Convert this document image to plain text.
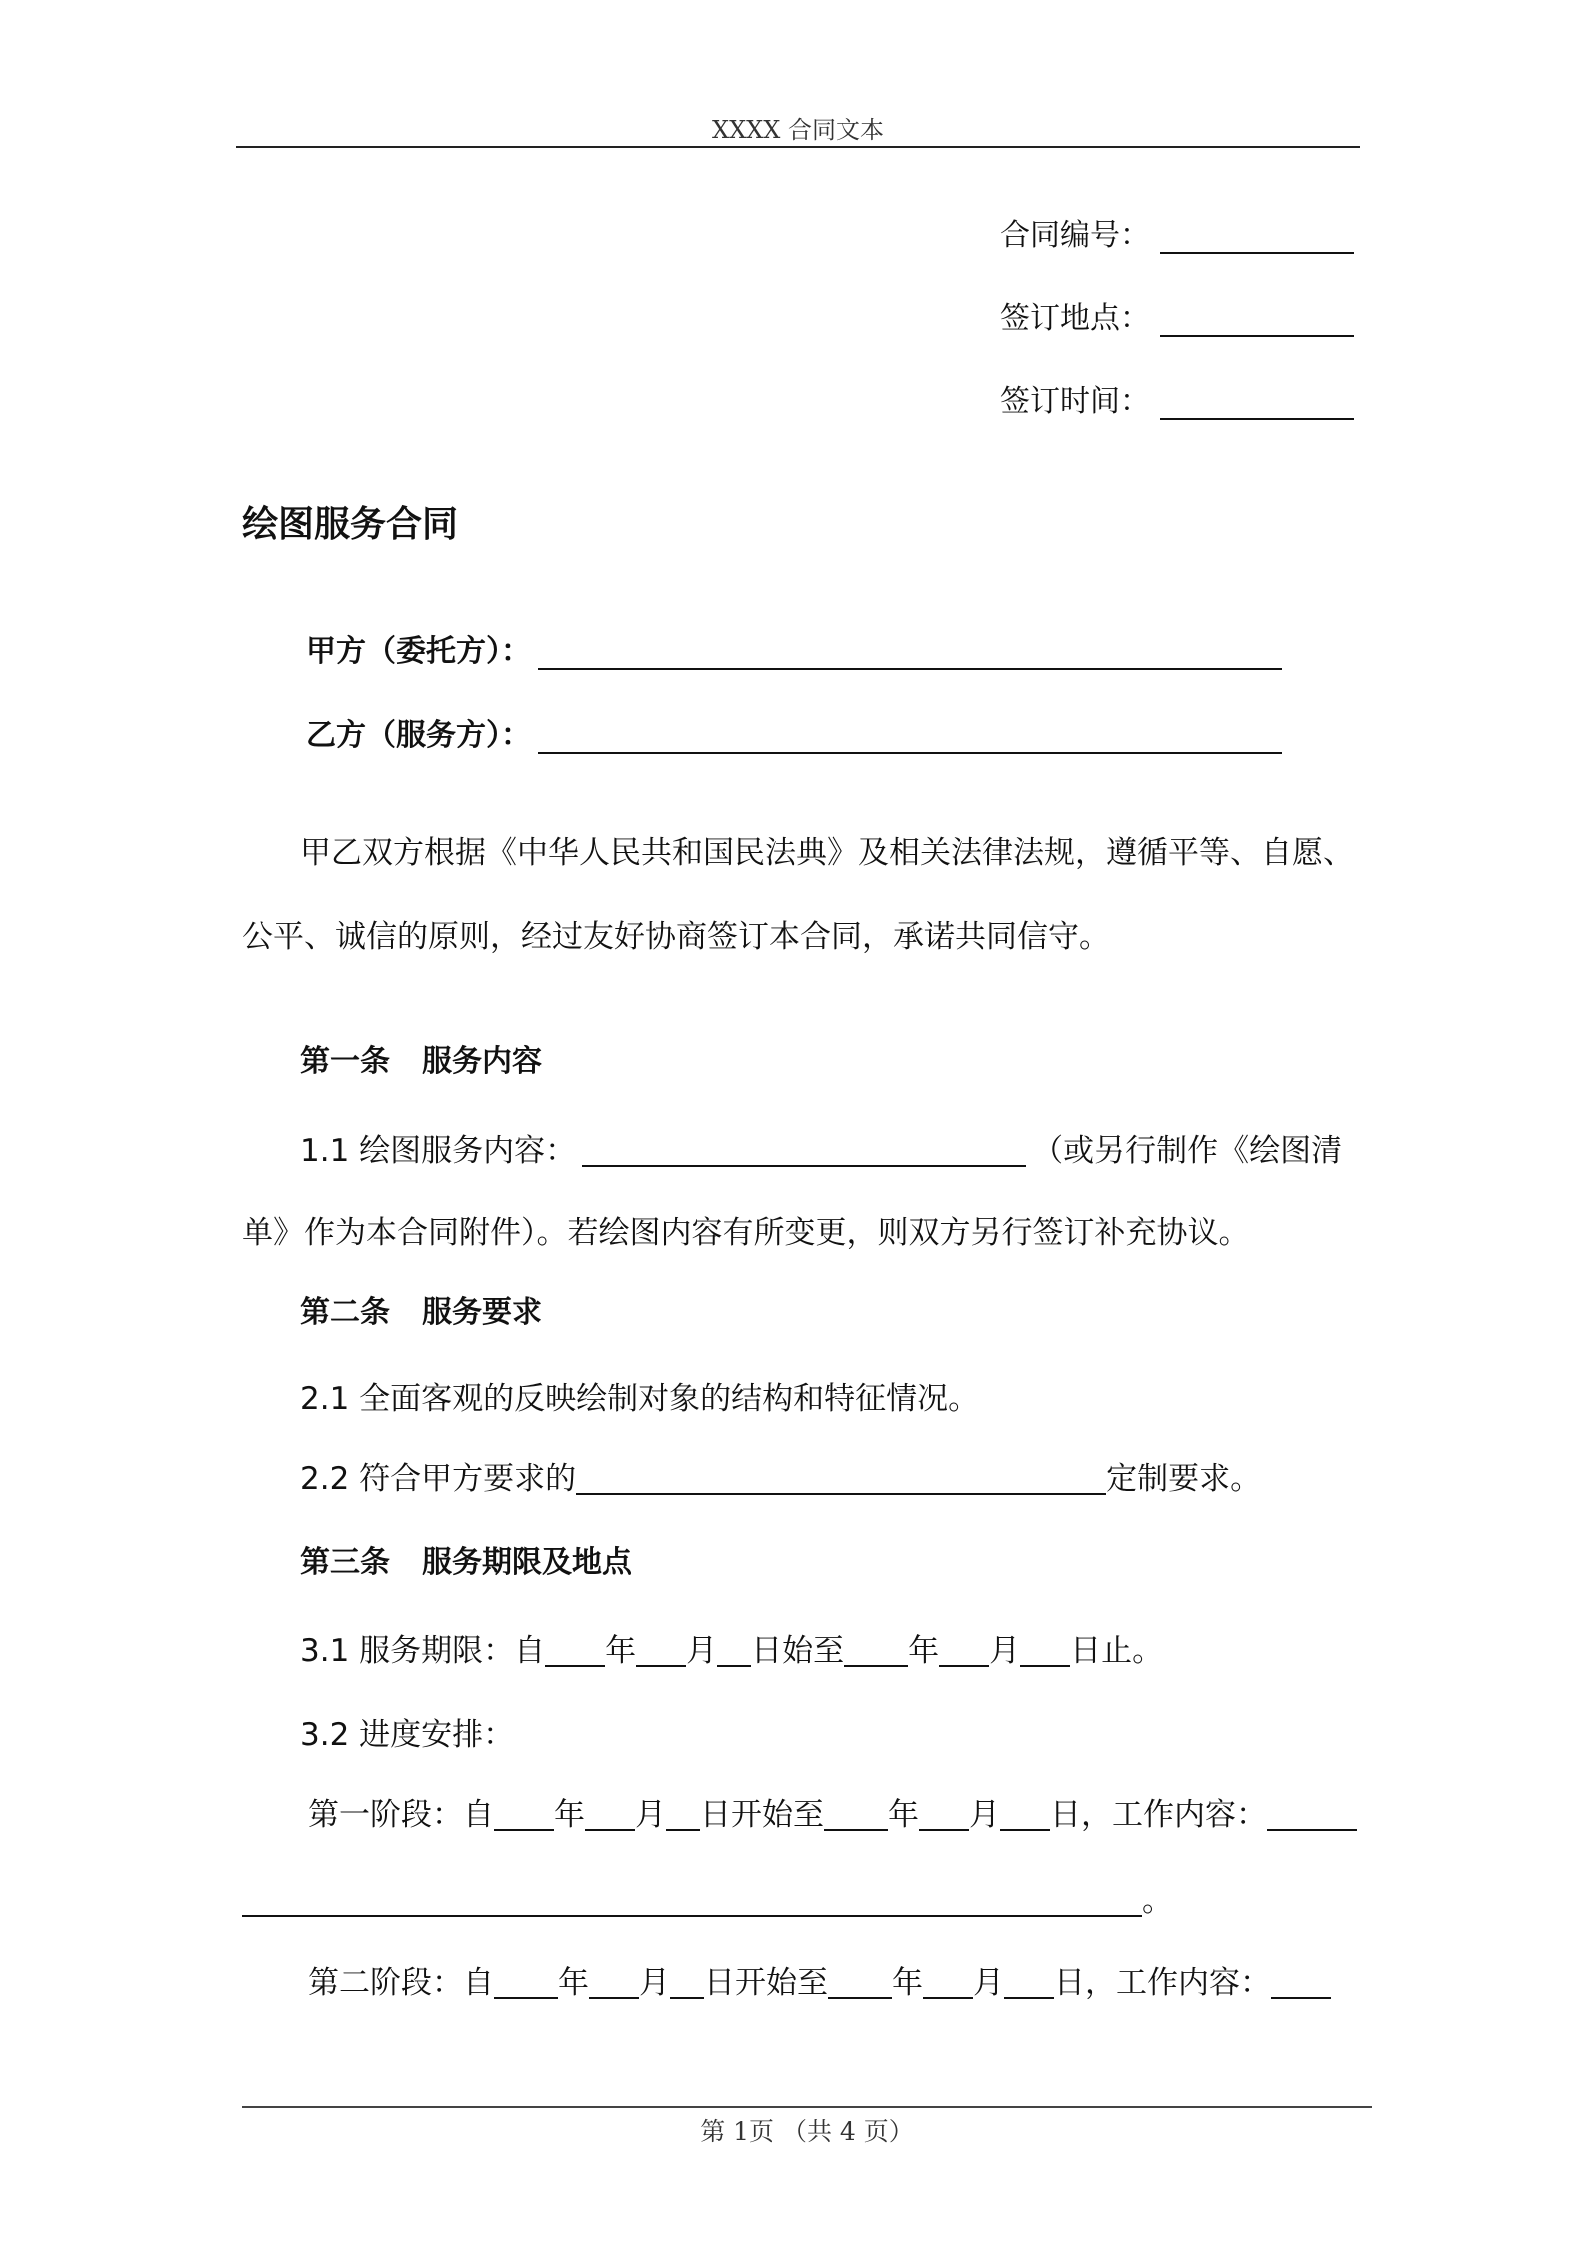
XXXX 合同文本
合同编号：
签订地点：
签订时间：
绘图服务合同
甲方（委托方）：
乙方（服务方）：
甲乙双方根据《中华人民共和国民法典》及相关法律法规，遵循平等、自愿、
公平、诚信的原则，经过友好协商签订本合同，承诺共同信守。
第一条 服务内容
1.1 绘图服务内容：	（或另行制作《绘图清
单》作为本合同附件）。若绘图内容有所变更，则双方另行签订补充协议。
第二条 服务要求
2.1 全面客观的反映绘制对象的结构和特征情况。
2.2 符合甲方要求的	定制要求。
第三条 服务期限及地点
3.1 服务期限：自 年 月 日始至 年 月 日止。
3.2 进度安排：
第一阶段：自 年 月 日开始至 年 月 日，工作内容：
。
第二阶段：自 年 月 日开始至 年 月 日，工作内容：
第 1页 （共 4 页）
